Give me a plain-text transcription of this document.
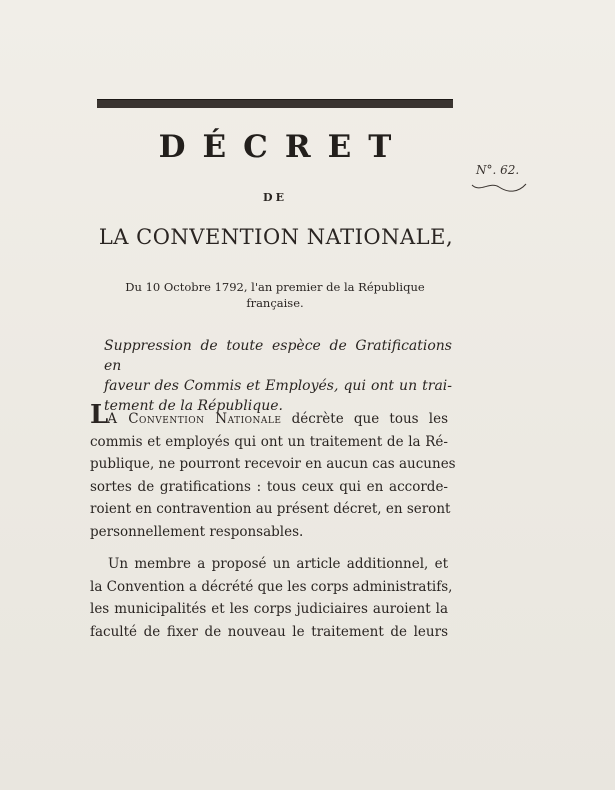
DÉCRET
DE
LA CONVENTION NATIONALE,
N°. 62.
Du 10 Octobre 1792, l'an premier de la République
française.
Suppression de toute espèce de Gratifications en
faveur des Commis et Employés, qui ont un trai-
tement de la République.
LA Convention Nationale décrète que tous les
commis et employés qui ont un traitement de la Ré-
publique, ne pourront recevoir en aucun cas aucunes
sortes de gratifications : tous ceux qui en accorde-
roient en contravention au présent décret, en seront
personnellement responsables.
Un membre a proposé un article additionnel, et
la Convention a décrété que les corps administratifs,
les municipalités et les corps judiciaires auroient la
faculté de fixer de nouveau le traitement de leurs
